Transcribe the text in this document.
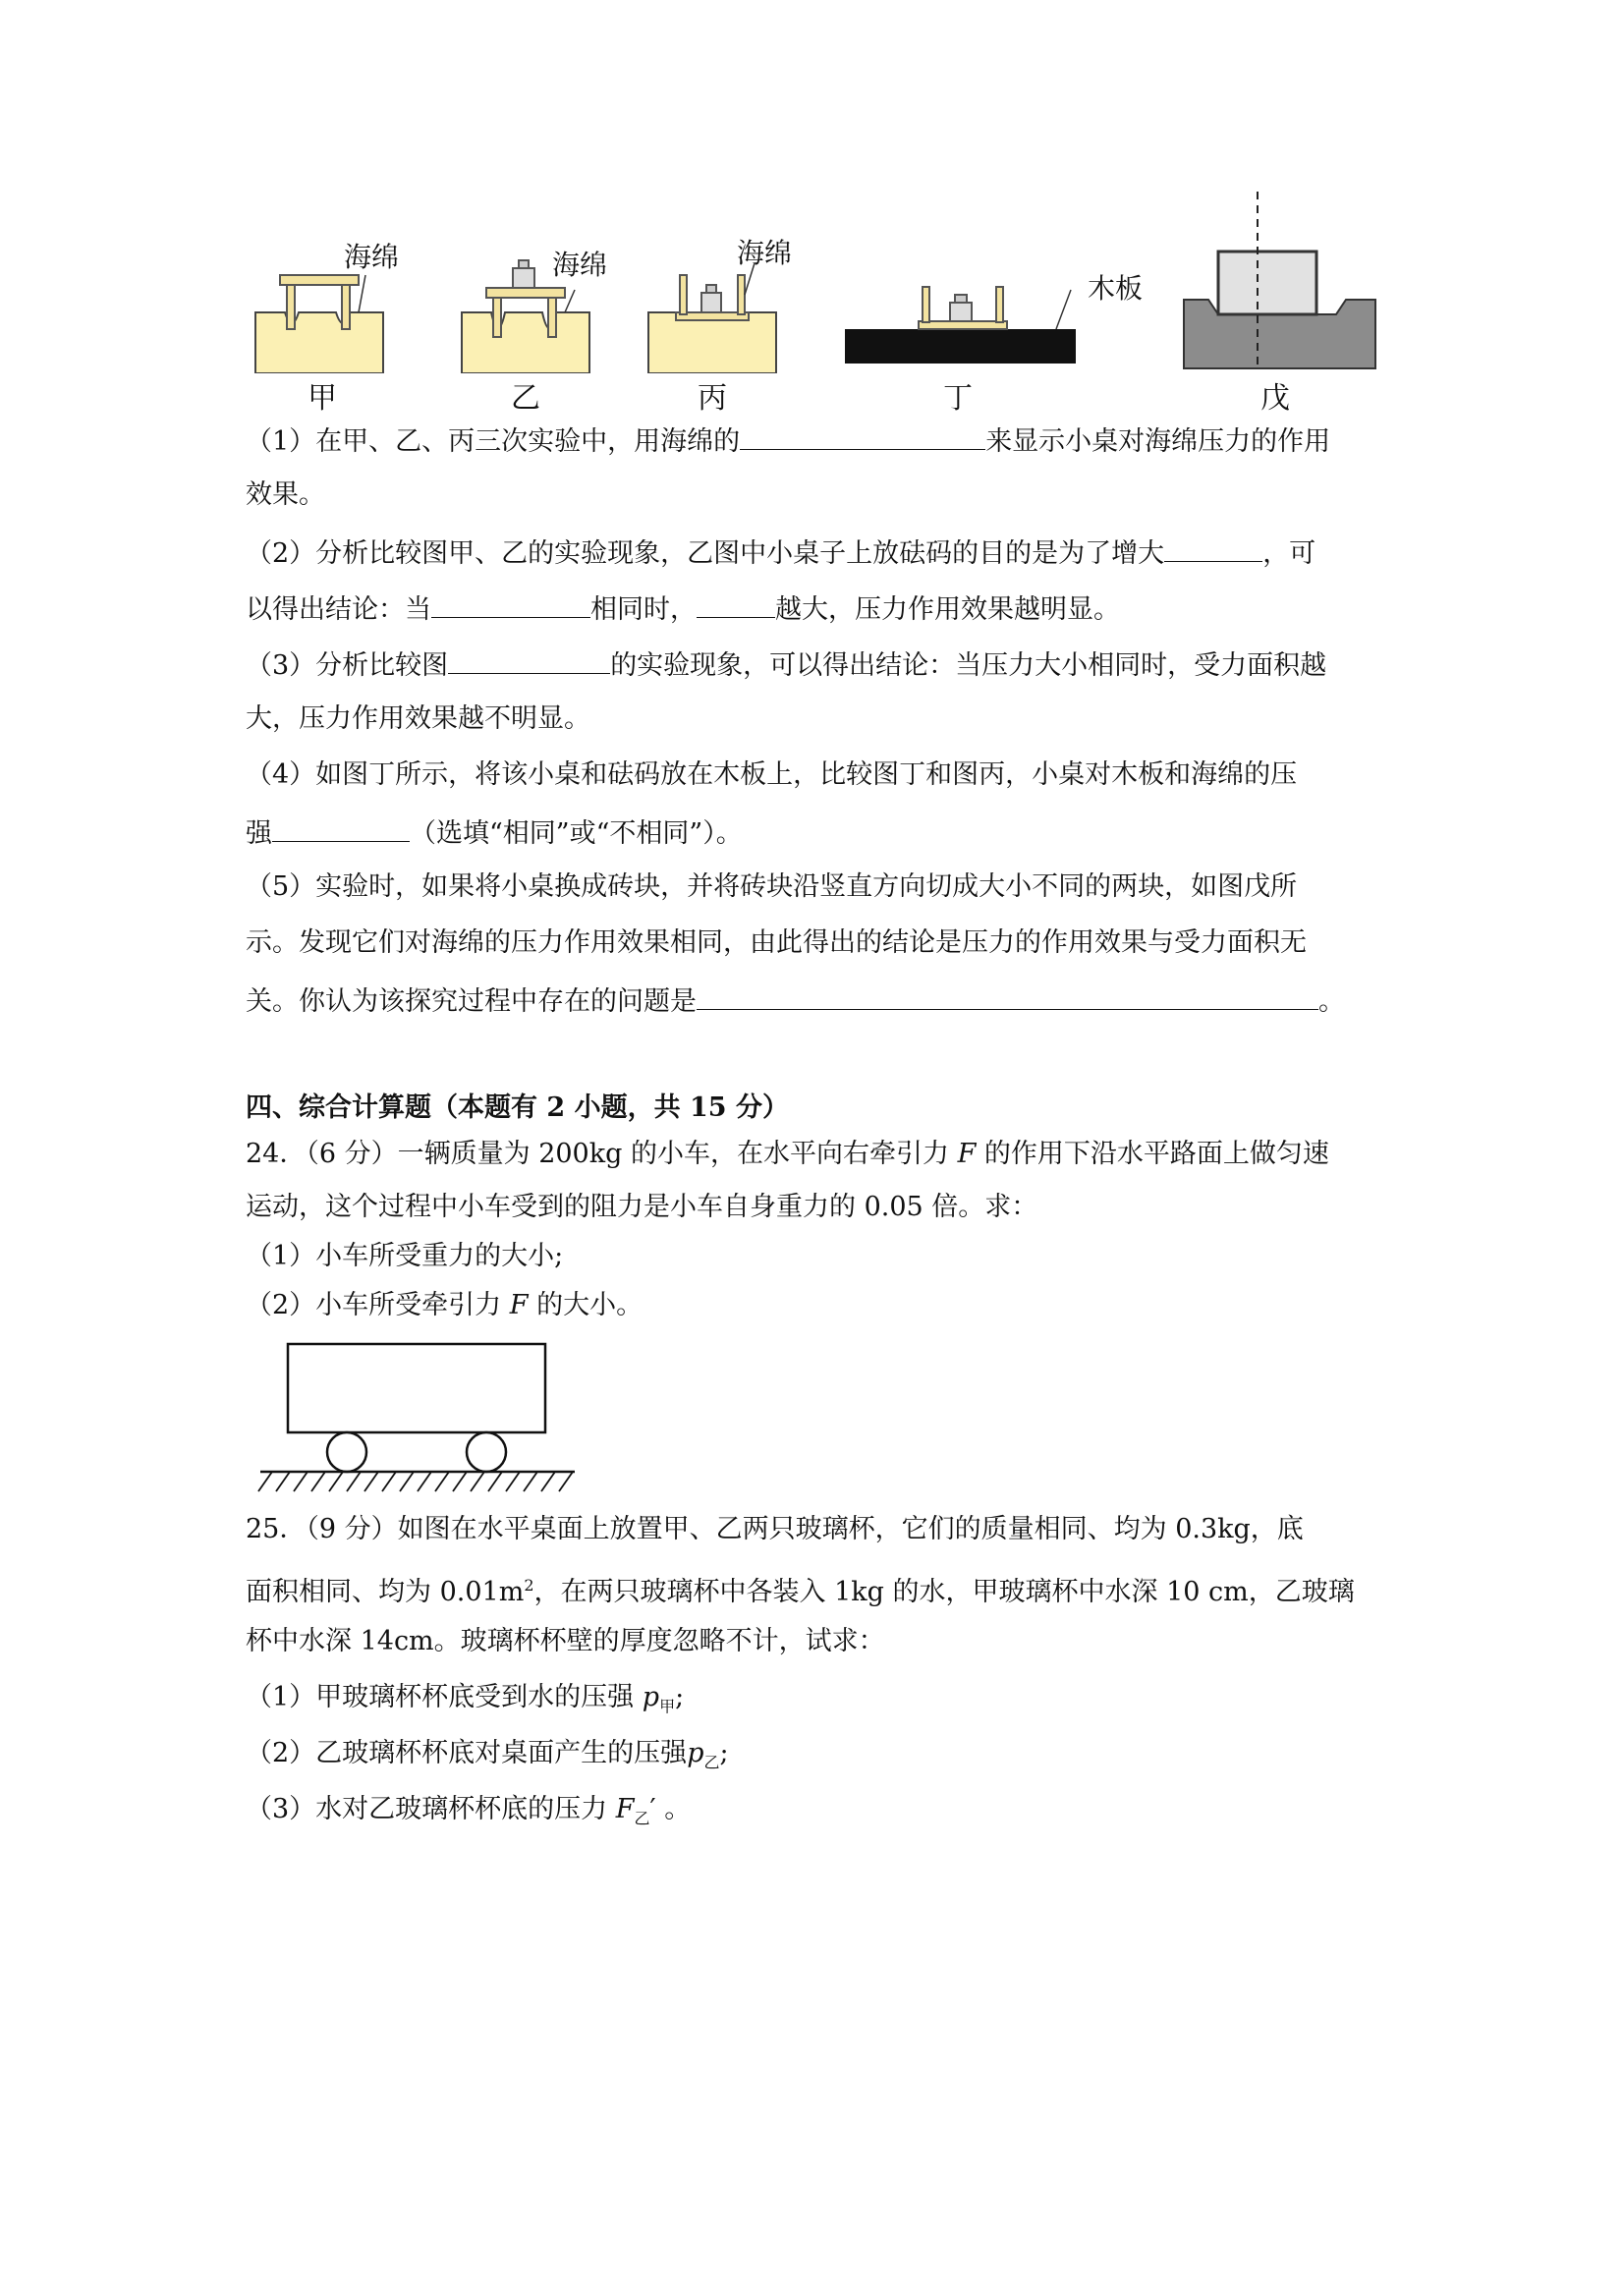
海绵
甲
海绵
乙
海绵
丙
木板
丁	戊
（1）在甲、乙、丙三次实验中，用海绵的	来显示小桌对海绵压力的作用
效果。
（2）分析比较图甲、乙的实验现象，乙图中小桌子上放砝码的目的是为了增大	，可
以得出结论：当	相同时，	越大，压力作用效果越明显。
（3）分析比较图	的实验现象，可以得出结论：当压力大小相同时，受力面积越
大，压力作用效果越不明显。
（4）如图丁所示，将该小桌和砝码放在木板上，比较图丁和图丙，小桌对木板和海绵的压
强	（选填“相同”或“不相同”）。
（5）实验时，如果将小桌换成砖块，并将砖块沿竖直方向切成大小不同的两块，如图戊所
示。发现它们对海绵的压力作用效果相同，由此得出的结论是压力的作用效果与受力面积无
关。你认为该探究过程中存在的问题是	。
四、综合计算题（本题有 2 小题，共 15 分）
24．（6 分）一辆质量为 200kg 的小车，在水平向右牵引力 F 的作用下沿水平路面上做匀速
运动，这个过程中小车受到的阻力是小车自身重力的 0.05 倍。求：
（1）小车所受重力的大小;
（2）小车所受牵引力 F 的大小。
25．（9 分）如图在水平桌面上放置甲、乙两只玻璃杯，它们的质量相同、均为 0.3kg，底
面积相同、均为 $0.01m^2$，在两只玻璃杯中各装入 1kg 的水，甲玻璃杯中水深 10 cm，乙玻璃
杯中水深 14cm。玻璃杯杯壁的厚度忽略不计，试求：
（1）甲玻璃杯杯底受到水的压强 $p_甲$;
（2）乙玻璃杯杯底对桌面产生的压强$p_乙$;
（3）水对乙玻璃杯杯底的压力 $F_乙'$ 。
